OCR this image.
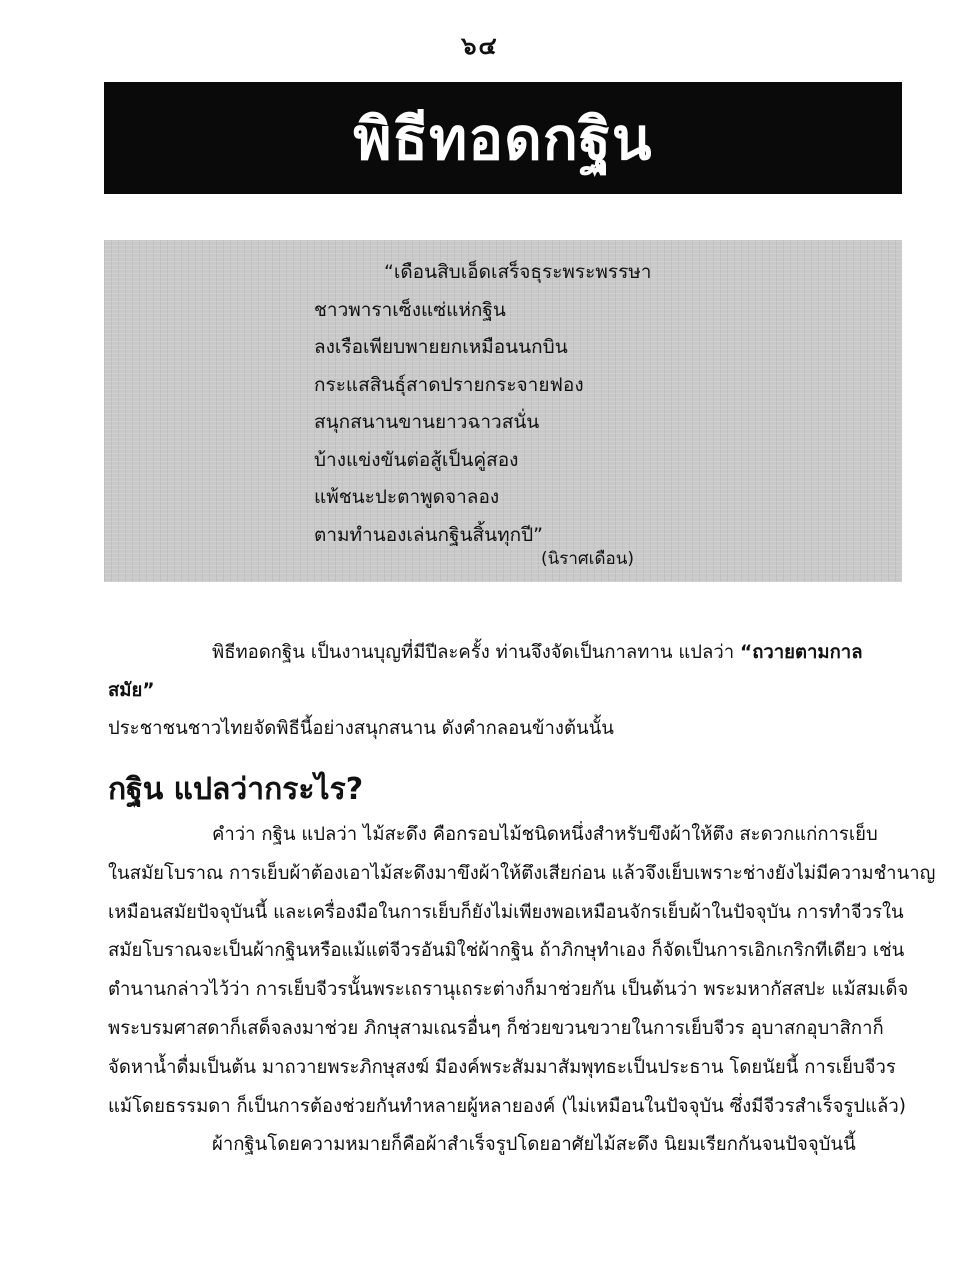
๖๔
พิธีทอดกฐิน
“เดือนสิบเอ็ดเสร็จธุระพระพรรษา
ชาวพาราเซ็งแซ่แห่กฐิน
ลงเรือเพียบพายยกเหมือนนกบิน
กระแสสินธุ์สาดปรายกระจายฟอง
สนุกสนานขานยาวฉาวสนั่น
บ้างแข่งขันต่อสู้เป็นคู่สอง
แพ้ชนะปะตาพูดจาลอง
ตามทำนองเล่นกฐินสิ้นทุกปี”
(นิราศเดือน)

พิธีทอดกฐิน เป็นงานบุญที่มีปีละครั้ง ท่านจึงจัดเป็นกาลทาน แปลว่า “ถวายตามกาลสมัย”
ประชาชนชาวไทยจัดพิธีนี้อย่างสนุกสนาน ดังคำกลอนข้างต้นนั้น

กฐิน แปลว่ากระไร?
คำว่า กฐิน แปลว่า ไม้สะดึง คือกรอบไม้ชนิดหนึ่งสำหรับขึงผ้าให้ตึง สะดวกแก่การเย็บ
ในสมัยโบราณ การเย็บผ้าต้องเอาไม้สะดึงมาขึงผ้าให้ตึงเสียก่อน แล้วจึงเย็บเพราะช่างยังไม่มีความชำนาญ
เหมือนสมัยปัจจุบันนี้ และเครื่องมือในการเย็บก็ยังไม่เพียงพอเหมือนจักรเย็บผ้าในปัจจุบัน การทำจีวรใน
สมัยโบราณจะเป็นผ้ากฐินหรือแม้แต่จีวรอันมิใช่ผ้ากฐิน ถ้าภิกษุทำเอง ก็จัดเป็นการเอิกเกริกทีเดียว เช่น
ตำนานกล่าวไว้ว่า การเย็บจีวรนั้นพระเถรานุเถระต่างก็มาช่วยกัน เป็นต้นว่า พระมหากัสสปะ แม้สมเด็จ
พระบรมศาสดาก็เสด็จลงมาช่วย ภิกษุสามเณรอื่นๆ ก็ช่วยขวนขวายในการเย็บจีวร อุบาสกอุบาสิกาก็
จัดหาน้ำดื่มเป็นต้น มาถวายพระภิกษุสงฆ์ มีองค์พระสัมมาสัมพุทธะเป็นประธาน โดยนัยนี้ การเย็บจีวร
แม้โดยธรรมดา ก็เป็นการต้องช่วยกันทำหลายผู้หลายองค์ (ไม่เหมือนในปัจจุบัน ซึ่งมีจีวรสำเร็จรูปแล้ว)
ผ้ากฐินโดยความหมายก็คือผ้าสำเร็จรูปโดยอาศัยไม้สะดึง นิยมเรียกกันจนปัจจุบันนี้
